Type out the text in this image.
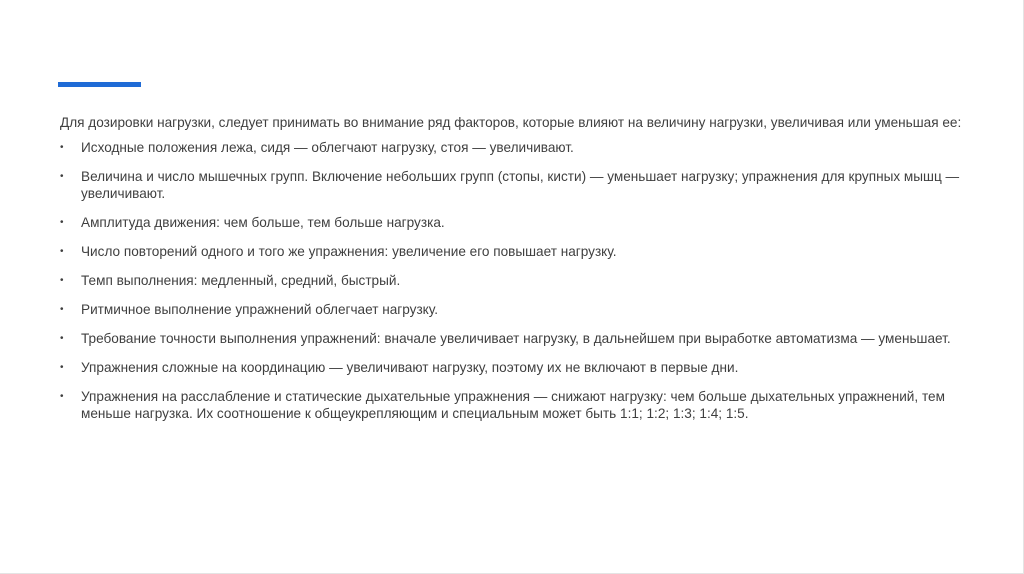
Для дозировки нагрузки, следует принимать во внимание ряд факторов, которые влияют на величину нагрузки, увеличивая или уменьшая ее:

• Исходные положения лежа, сидя — облегчают нагрузку, стоя — увеличивают.
• Величина и число мышечных групп. Включение небольших групп (стопы, кисти) — уменьшает нагрузку; упражнения для крупных мышц — увеличивают.
• Амплитуда движения: чем больше, тем больше нагрузка.
• Число повторений одного и того же упражнения: увеличение его повышает нагрузку.
• Темп выполнения: медленный, средний, быстрый.
• Ритмичное выполнение упражнений облегчает нагрузку.
• Требование точности выполнения упражнений: вначале увеличивает нагрузку, в дальнейшем при выработке автоматизма — уменьшает.
• Упражнения сложные на координацию — увеличивают нагрузку, поэтому их не включают в первые дни.
• Упражнения на расслабление и статические дыхательные упражнения — снижают нагрузку: чем больше дыхательных упражнений, тем меньше нагрузка. Их соотношение к общеукрепляющим и специальным может быть 1:1; 1:2; 1:3; 1:4; 1:5.
